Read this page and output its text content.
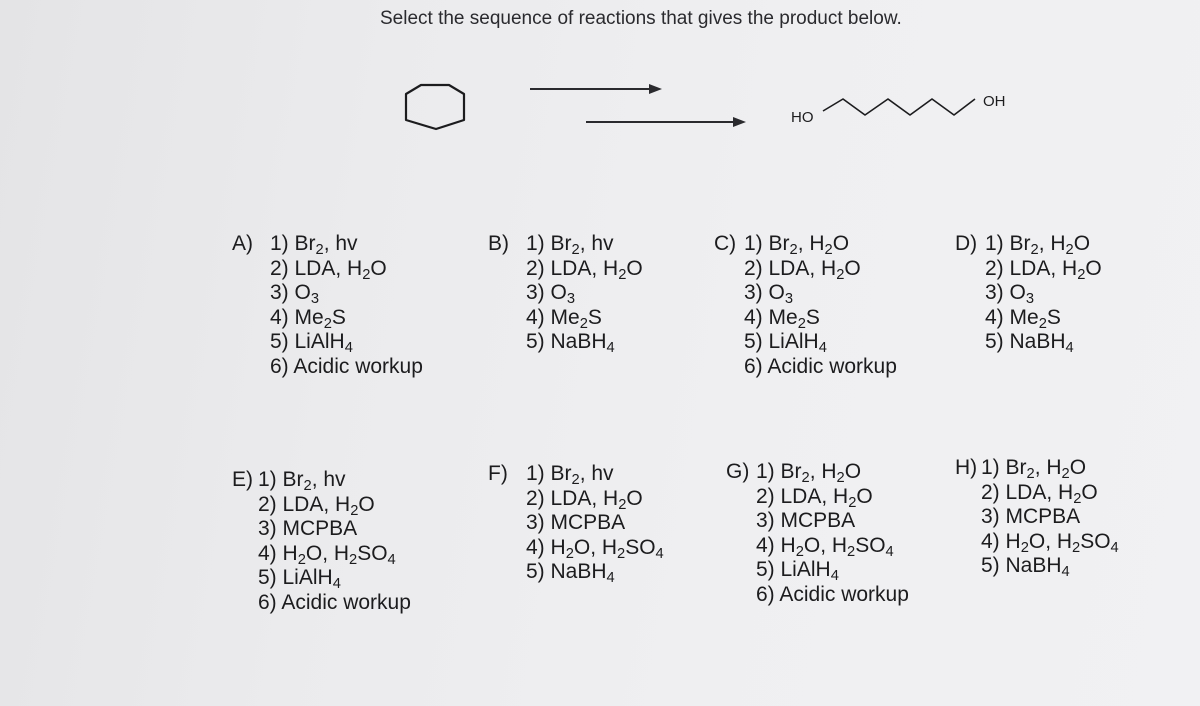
Select the sequence of reactions that gives the product below.
HO
OH
A) 1) $Br_2$, hv
2) LDA, $H_2O$
3) $O_3$
4) $Me_2S$
5) LiAlH$_4$
6) Acidic workup
B) 1) $Br_2$, hv
2) LDA, $H_2O$
3) $O_3$
4) $Me_2S$
5) NaBH$_4$
C) 1) $Br_2$, $H_2O$
2) LDA, $H_2O$
3) $O_3$
4) $Me_2S$
5) LiAlH$_4$
6) Acidic workup
D) 1) $Br_2$, $H_2O$
2) LDA, $H_2O$
3) $O_3$
4) $Me_2S$
5) NaBH$_4$
E) 1) $Br_2$, hv
2) LDA, $H_2O$
3) MCPBA
4) $H_2O$, $H_2SO_4$
5) LiAlH$_4$
6) Acidic workup
F) 1) $Br_2$, hv
2) LDA, $H_2O$
3) MCPBA
4) $H_2O$, $H_2SO_4$
5) NaBH$_4$
G) 1) $Br_2$, $H_2O$
2) LDA, $H_2O$
3) MCPBA
4) $H_2O$, $H_2SO_4$
5) LiAlH$_4$
6) Acidic workup
H) 1) $Br_2$, $H_2O$
2) LDA, $H_2O$
3) MCPBA
4) $H_2O$, $H_2SO_4$
5) NaBH$_4$
